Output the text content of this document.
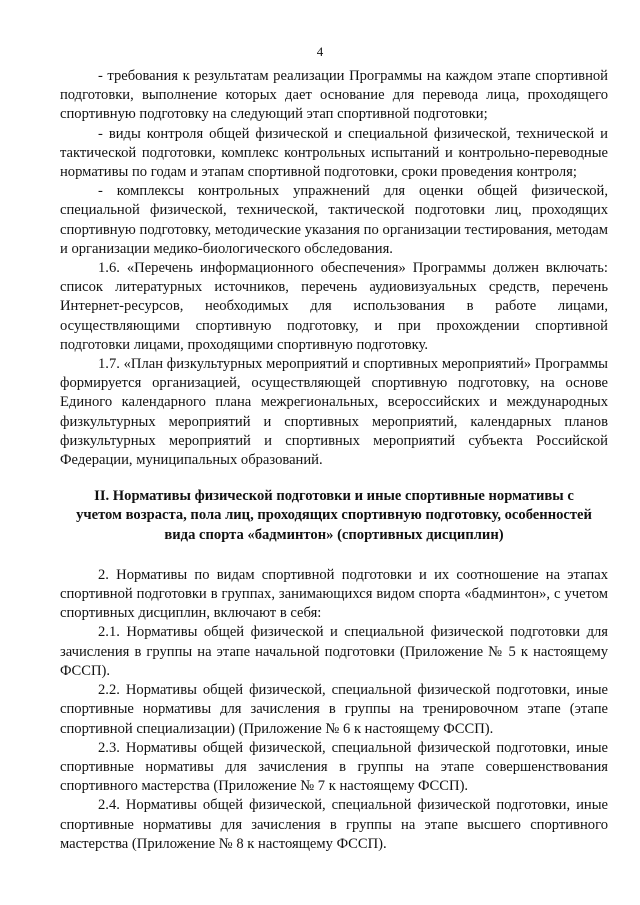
4

- требования к результатам реализации Программы на каждом этапе спортивной подготовки, выполнение которых дает основание для перевода лица, проходящего спортивную подготовку на следующий этап спортивной подготовки;

- виды контроля общей физической и специальной физической, технической и тактической подготовки, комплекс контрольных испытаний и контрольно-переводные нормативы по годам и этапам спортивной подготовки, сроки проведения контроля;

- комплексы контрольных упражнений для оценки общей физической, специальной физической, технической, тактической подготовки лиц, проходящих спортивную подготовку, методические указания по организации тестирования, методам и организации медико-биологического обследования.

1.6. «Перечень информационного обеспечения» Программы должен включать: список литературных источников, перечень аудиовизуальных средств, перечень Интернет-ресурсов, необходимых для использования в работе лицами, осуществляющими спортивную подготовку, и при прохождении спортивной подготовки лицами, проходящими спортивную подготовку.

1.7. «План физкультурных мероприятий и спортивных мероприятий» Программы формируется организацией, осуществляющей спортивную подготовку, на основе Единого календарного плана межрегиональных, всероссийских и международных физкультурных мероприятий и спортивных мероприятий, календарных планов физкультурных мероприятий и спортивных мероприятий субъекта Российской Федерации, муниципальных образований.

II. Нормативы физической подготовки и иные спортивные нормативы с учетом возраста, пола лиц, проходящих спортивную подготовку, особенностей вида спорта «бадминтон» (спортивных дисциплин)

2. Нормативы по видам спортивной подготовки и их соотношение на этапах спортивной подготовки в группах, занимающихся видом спорта «бадминтон», с учетом спортивных дисциплин, включают в себя:

2.1. Нормативы общей физической и специальной физической подготовки для зачисления в группы на этапе начальной подготовки (Приложение № 5 к настоящему ФССП).

2.2. Нормативы общей физической, специальной физической подготовки, иные спортивные нормативы для зачисления в группы на тренировочном этапе (этапе спортивной специализации) (Приложение № 6 к настоящему ФССП).

2.3. Нормативы общей физической, специальной физической подготовки, иные спортивные нормативы для зачисления в группы на этапе совершенствования спортивного мастерства (Приложение № 7 к настоящему ФССП).

2.4. Нормативы общей физической, специальной физической подготовки, иные спортивные нормативы для зачисления в группы на этапе высшего спортивного мастерства (Приложение № 8 к настоящему ФССП).
